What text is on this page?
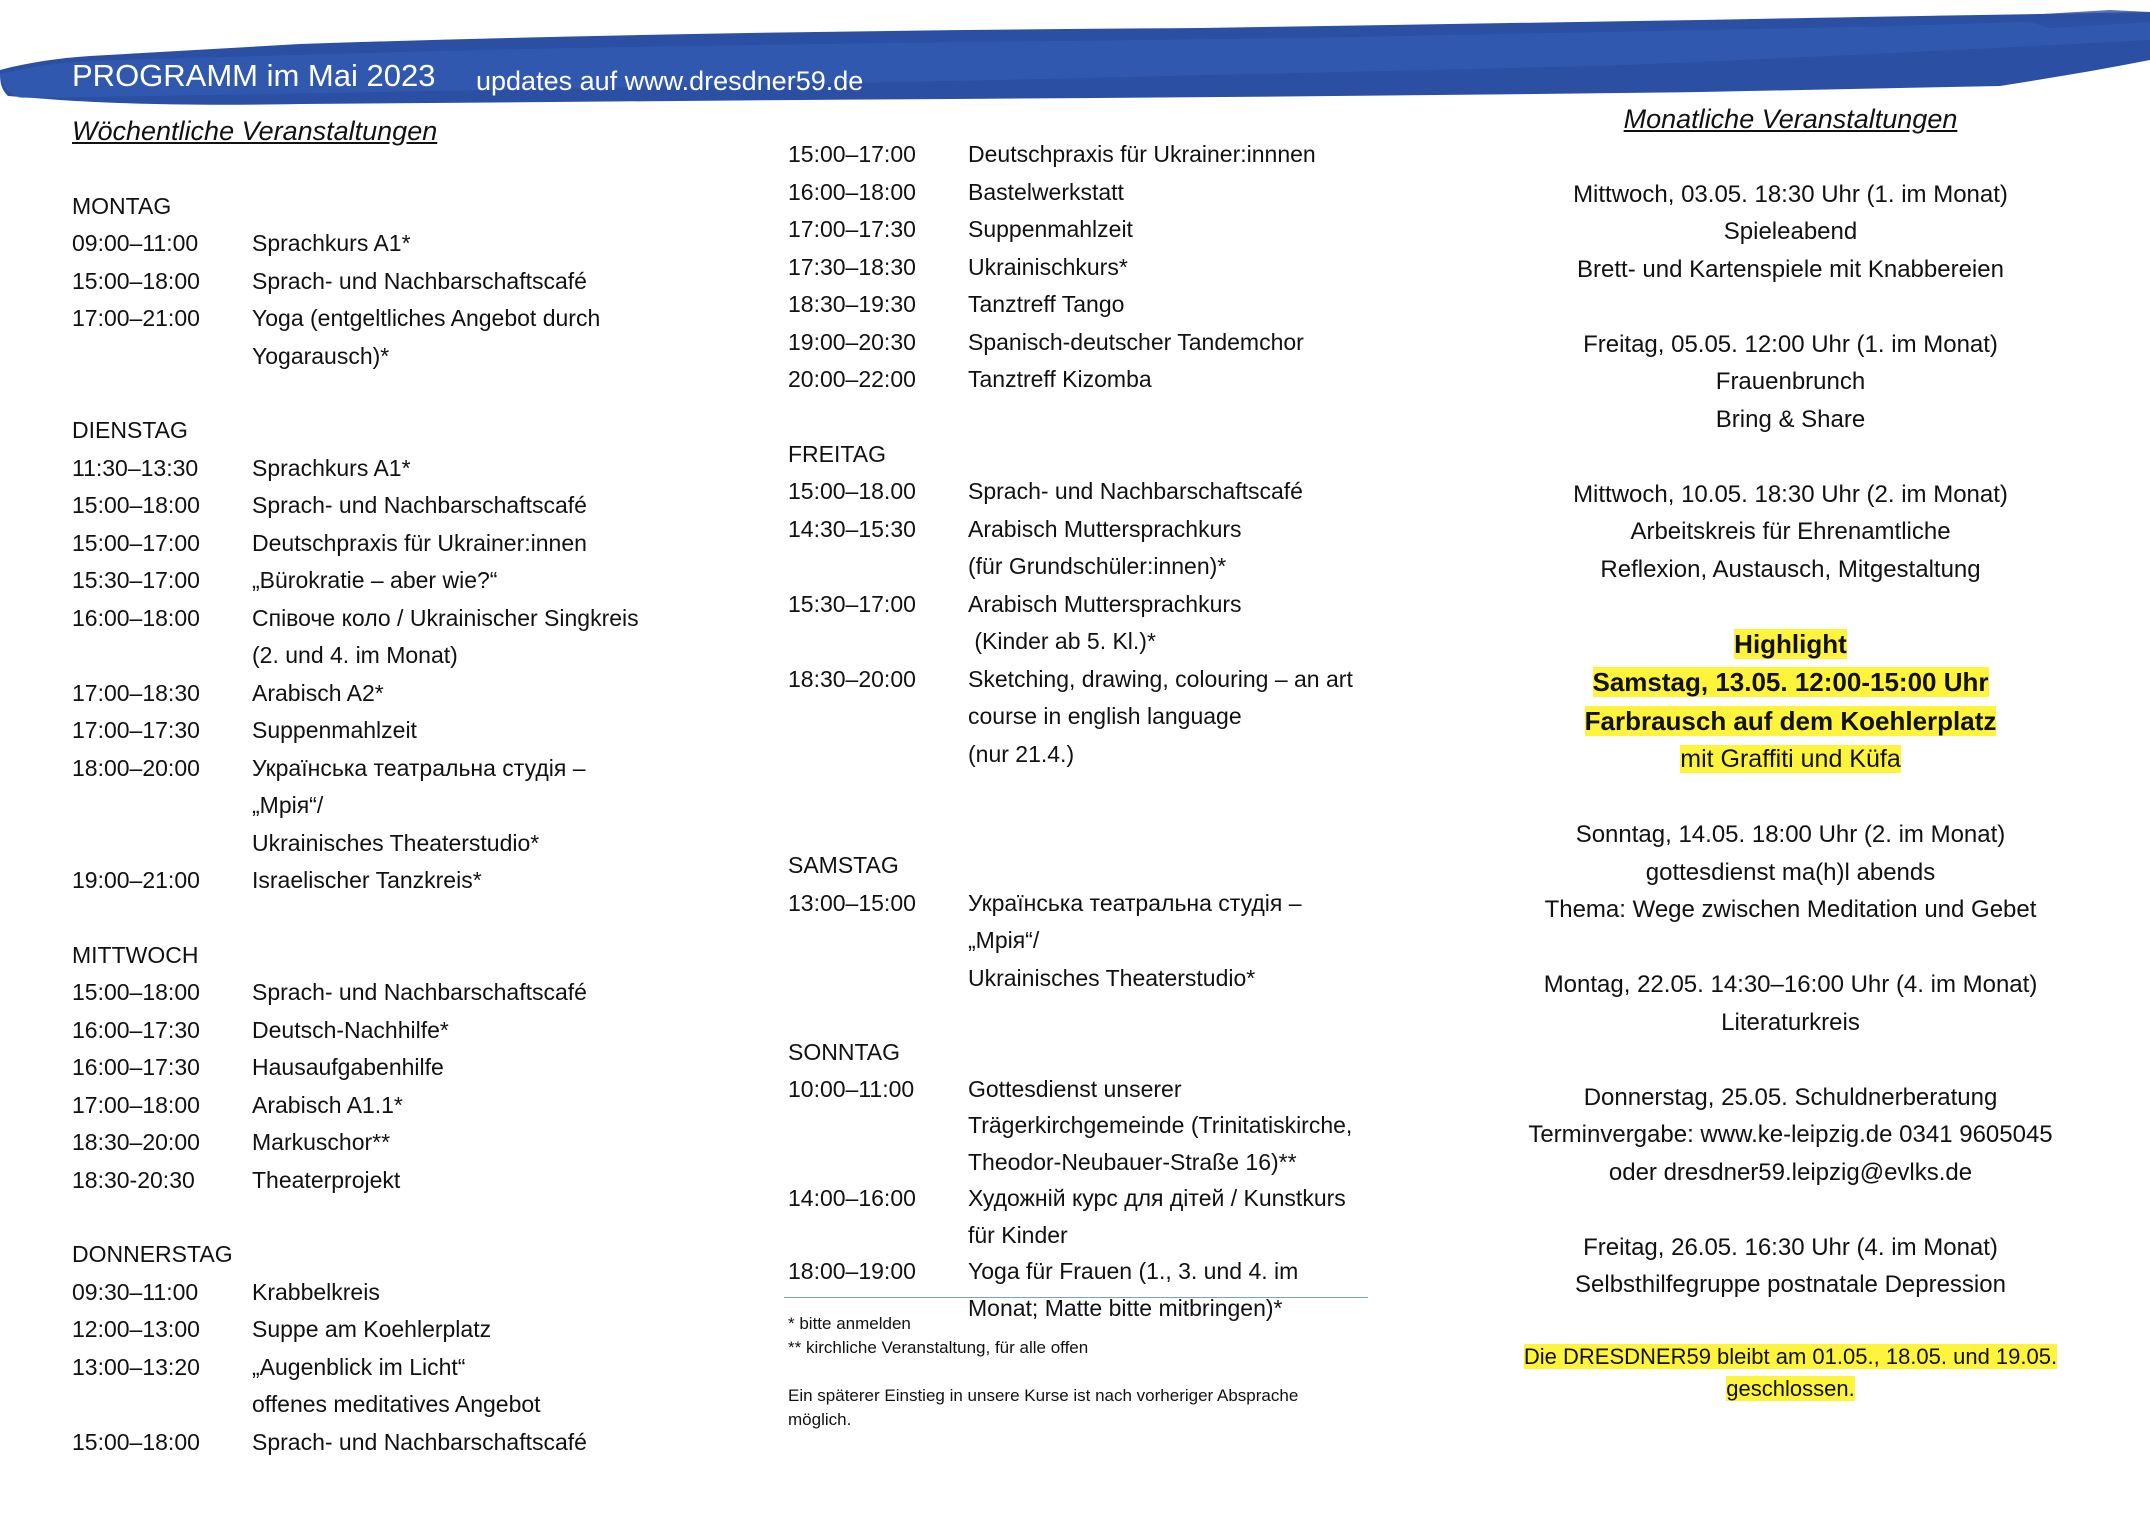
PROGRAMM im Mai 2023 updates auf www.dresdner59.de
Wöchentliche Veranstaltungen
MONTAG
09:00–11:00	Sprachkurs A1*
15:00–18:00	Sprach- und Nachbarschaftscafé
17:00–21:00	Yoga (entgeltliches Angebot durch
Yogarausch)*
DIENSTAG
11:30–13:30	Sprachkurs A1*
15:00–18:00	Sprach- und Nachbarschaftscafé
15:00–17:00	Deutschpraxis für Ukrainer:innen
15:30–17:00	„Bürokratie – aber wie?“
16:00–18:00	Співоче коло / Ukrainischer Singkreis
(2. und 4. im Monat)
17:00–18:30	Arabisch A2*
17:00–17:30	Suppenmahlzeit
18:00–20:00	Українська театральна студія –
„Мрія“/
Ukrainisches Theaterstudio*
19:00–21:00	Israelischer Tanzkreis*
MITTWOCH
15:00–18:00	Sprach- und Nachbarschaftscafé
16:00–17:30	Deutsch-Nachhilfe*
16:00–17:30	Hausaufgabenhilfe
17:00–18:00	Arabisch A1.1*
18:30–20:00	Markuschor**
18:30-20:30	Theaterprojekt
DONNERSTAG
09:30–11:00	Krabbelkreis
12:00–13:00	Suppe am Koehlerplatz
13:00–13:20	„Augenblick im Licht“
offenes meditatives Angebot
15:00–18:00	Sprach- und Nachbarschaftscafé
15:00–17:00	Deutschpraxis für Ukrainer:innnen
16:00–18:00	Bastelwerkstatt
17:00–17:30	Suppenmahlzeit
17:30–18:30	Ukrainischkurs*
18:30–19:30	Tanztreff Tango
19:00–20:30	Spanisch-deutscher Tandemchor
20:00–22:00	Tanztreff Kizomba
FREITAG
15:00–18.00	Sprach- und Nachbarschaftscafé
14:30–15:30	Arabisch Muttersprachkurs
(für Grundschüler:innen)*
15:30–17:00	Arabisch Muttersprachkurs
(Kinder ab 5. Kl.)*
18:30–20:00	Sketching, drawing, colouring – an art
course in english language
(nur 21.4.)
SAMSTAG
13:00–15:00	Українська театральна студія –
„Мрія“/
Ukrainisches Theaterstudio*
SONNTAG
10:00–11:00	Gottesdienst unserer
Trägerkirchgemeinde (Trinitatiskirche,
Theodor-Neubauer-Straße 16)**
14:00–16:00	Художній курс для дітей / Kunstkurs
für Kinder
18:00–19:00	Yoga für Frauen (1., 3. und 4. im
Monat; Matte bitte mitbringen)*
* bitte anmelden
** kirchliche Veranstaltung, für alle offen
Ein späterer Einstieg in unsere Kurse ist nach vorheriger Absprache
möglich.
Monatliche Veranstaltungen
Mittwoch, 03.05. 18:30 Uhr (1. im Monat)
Spieleabend
Brett- und Kartenspiele mit Knabbereien
Freitag, 05.05. 12:00 Uhr (1. im Monat)
Frauenbrunch
Bring & Share
Mittwoch, 10.05. 18:30 Uhr (2. im Monat)
Arbeitskreis für Ehrenamtliche
Reflexion, Austausch, Mitgestaltung
Highlight
Samstag, 13.05. 12:00-15:00 Uhr
Farbrausch auf dem Koehlerplatz
mit Graffiti und Küfa
Sonntag, 14.05. 18:00 Uhr (2. im Monat)
gottesdienst ma(h)l abends
Thema: Wege zwischen Meditation und Gebet
Montag, 22.05. 14:30–16:00 Uhr (4. im Monat)
Literaturkreis
Donnerstag, 25.05. Schuldnerberatung
Terminvergabe: www.ke-leipzig.de 0341 9605045
oder dresdner59.leipzig@evlks.de
Freitag, 26.05. 16:30 Uhr (4. im Monat)
Selbsthilfegruppe postnatale Depression
Die DRESDNER59 bleibt am 01.05., 18.05. und 19.05.
geschlossen.
